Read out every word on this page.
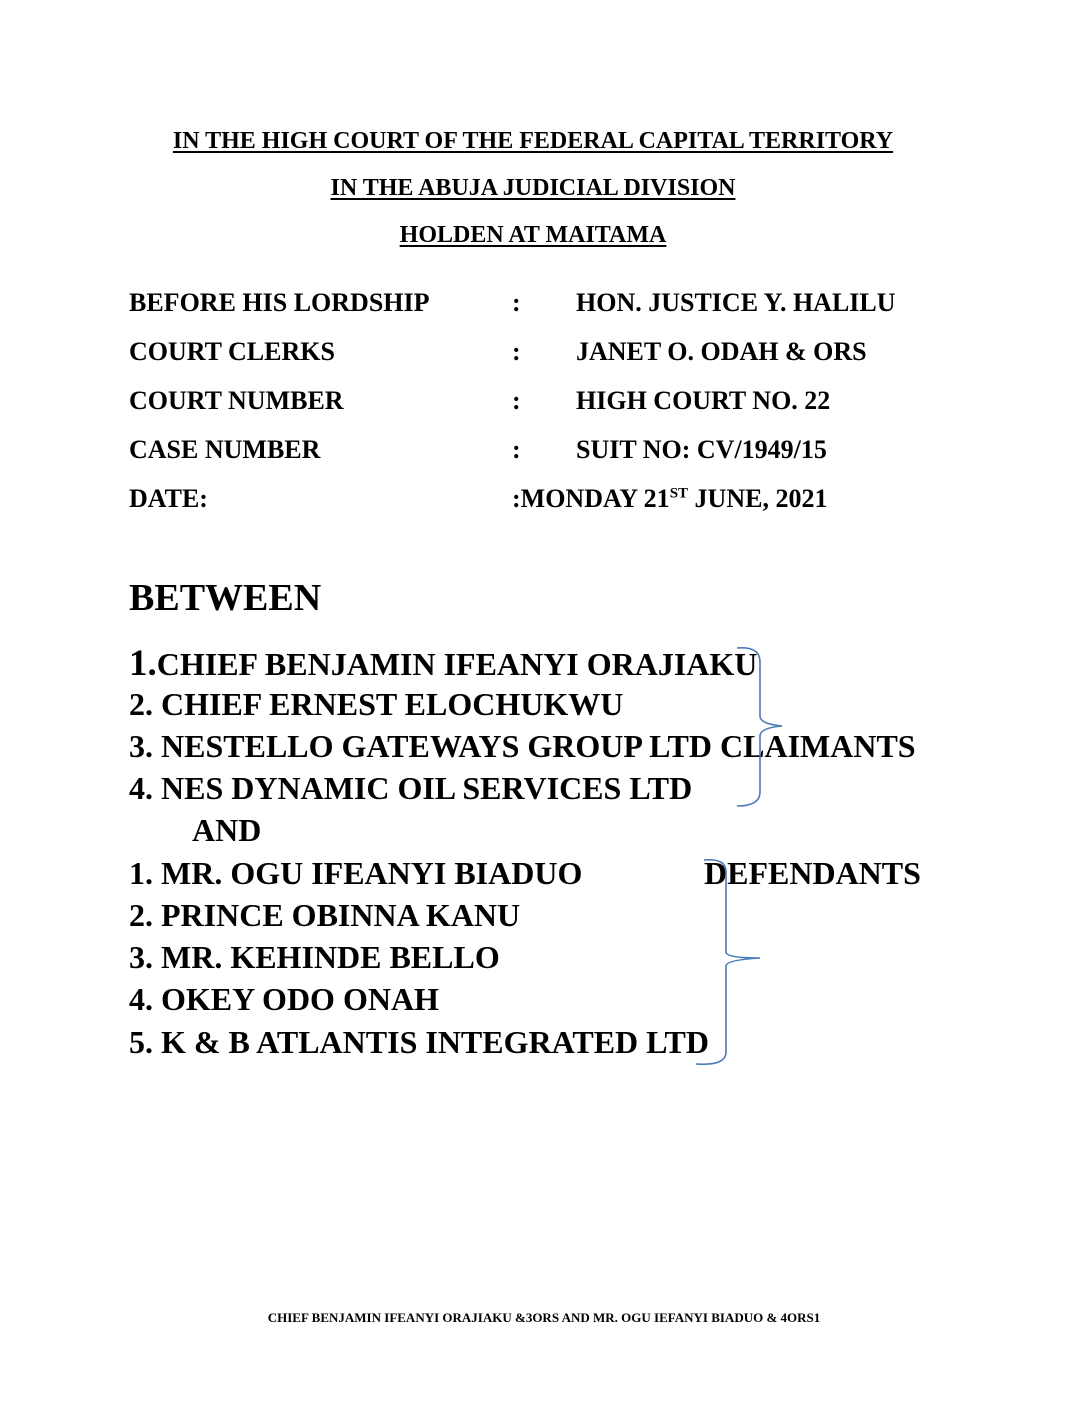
IN THE HIGH COURT OF THE FEDERAL CAPITAL TERRITORY
IN THE ABUJA JUDICIAL DIVISION
HOLDEN AT MAITAMA
BEFORE HIS LORDSHIP	: HON. JUSTICE Y. HALILU
COURT CLERKS	: JANET O. ODAH & ORS
COURT NUMBER	: HIGH COURT NO. 22
CASE NUMBER	: SUIT NO: CV/1949/15
DATE:	:MONDAY 21ST JUNE, 2021
BETWEEN
1.CHIEF BENJAMIN IFEANYI ORAJIAKU
2. CHIEF ERNEST ELOCHUKWU
3. NESTELLO GATEWAYS GROUP LTD CLAIMANTS
4. NES DYNAMIC OIL SERVICES LTD
AND
1. MR. OGU IFEANYI BIADUO	DEFENDANTS
2. PRINCE OBINNA KANU
3. MR. KEHINDE BELLO
4. OKEY ODO ONAH
5. K & B ATLANTIS INTEGRATED LTD
CHIEF BENJAMIN IFEANYI ORAJIAKU &3ORS AND MR. OGU IEFANYI BIADUO & 4ORS1
